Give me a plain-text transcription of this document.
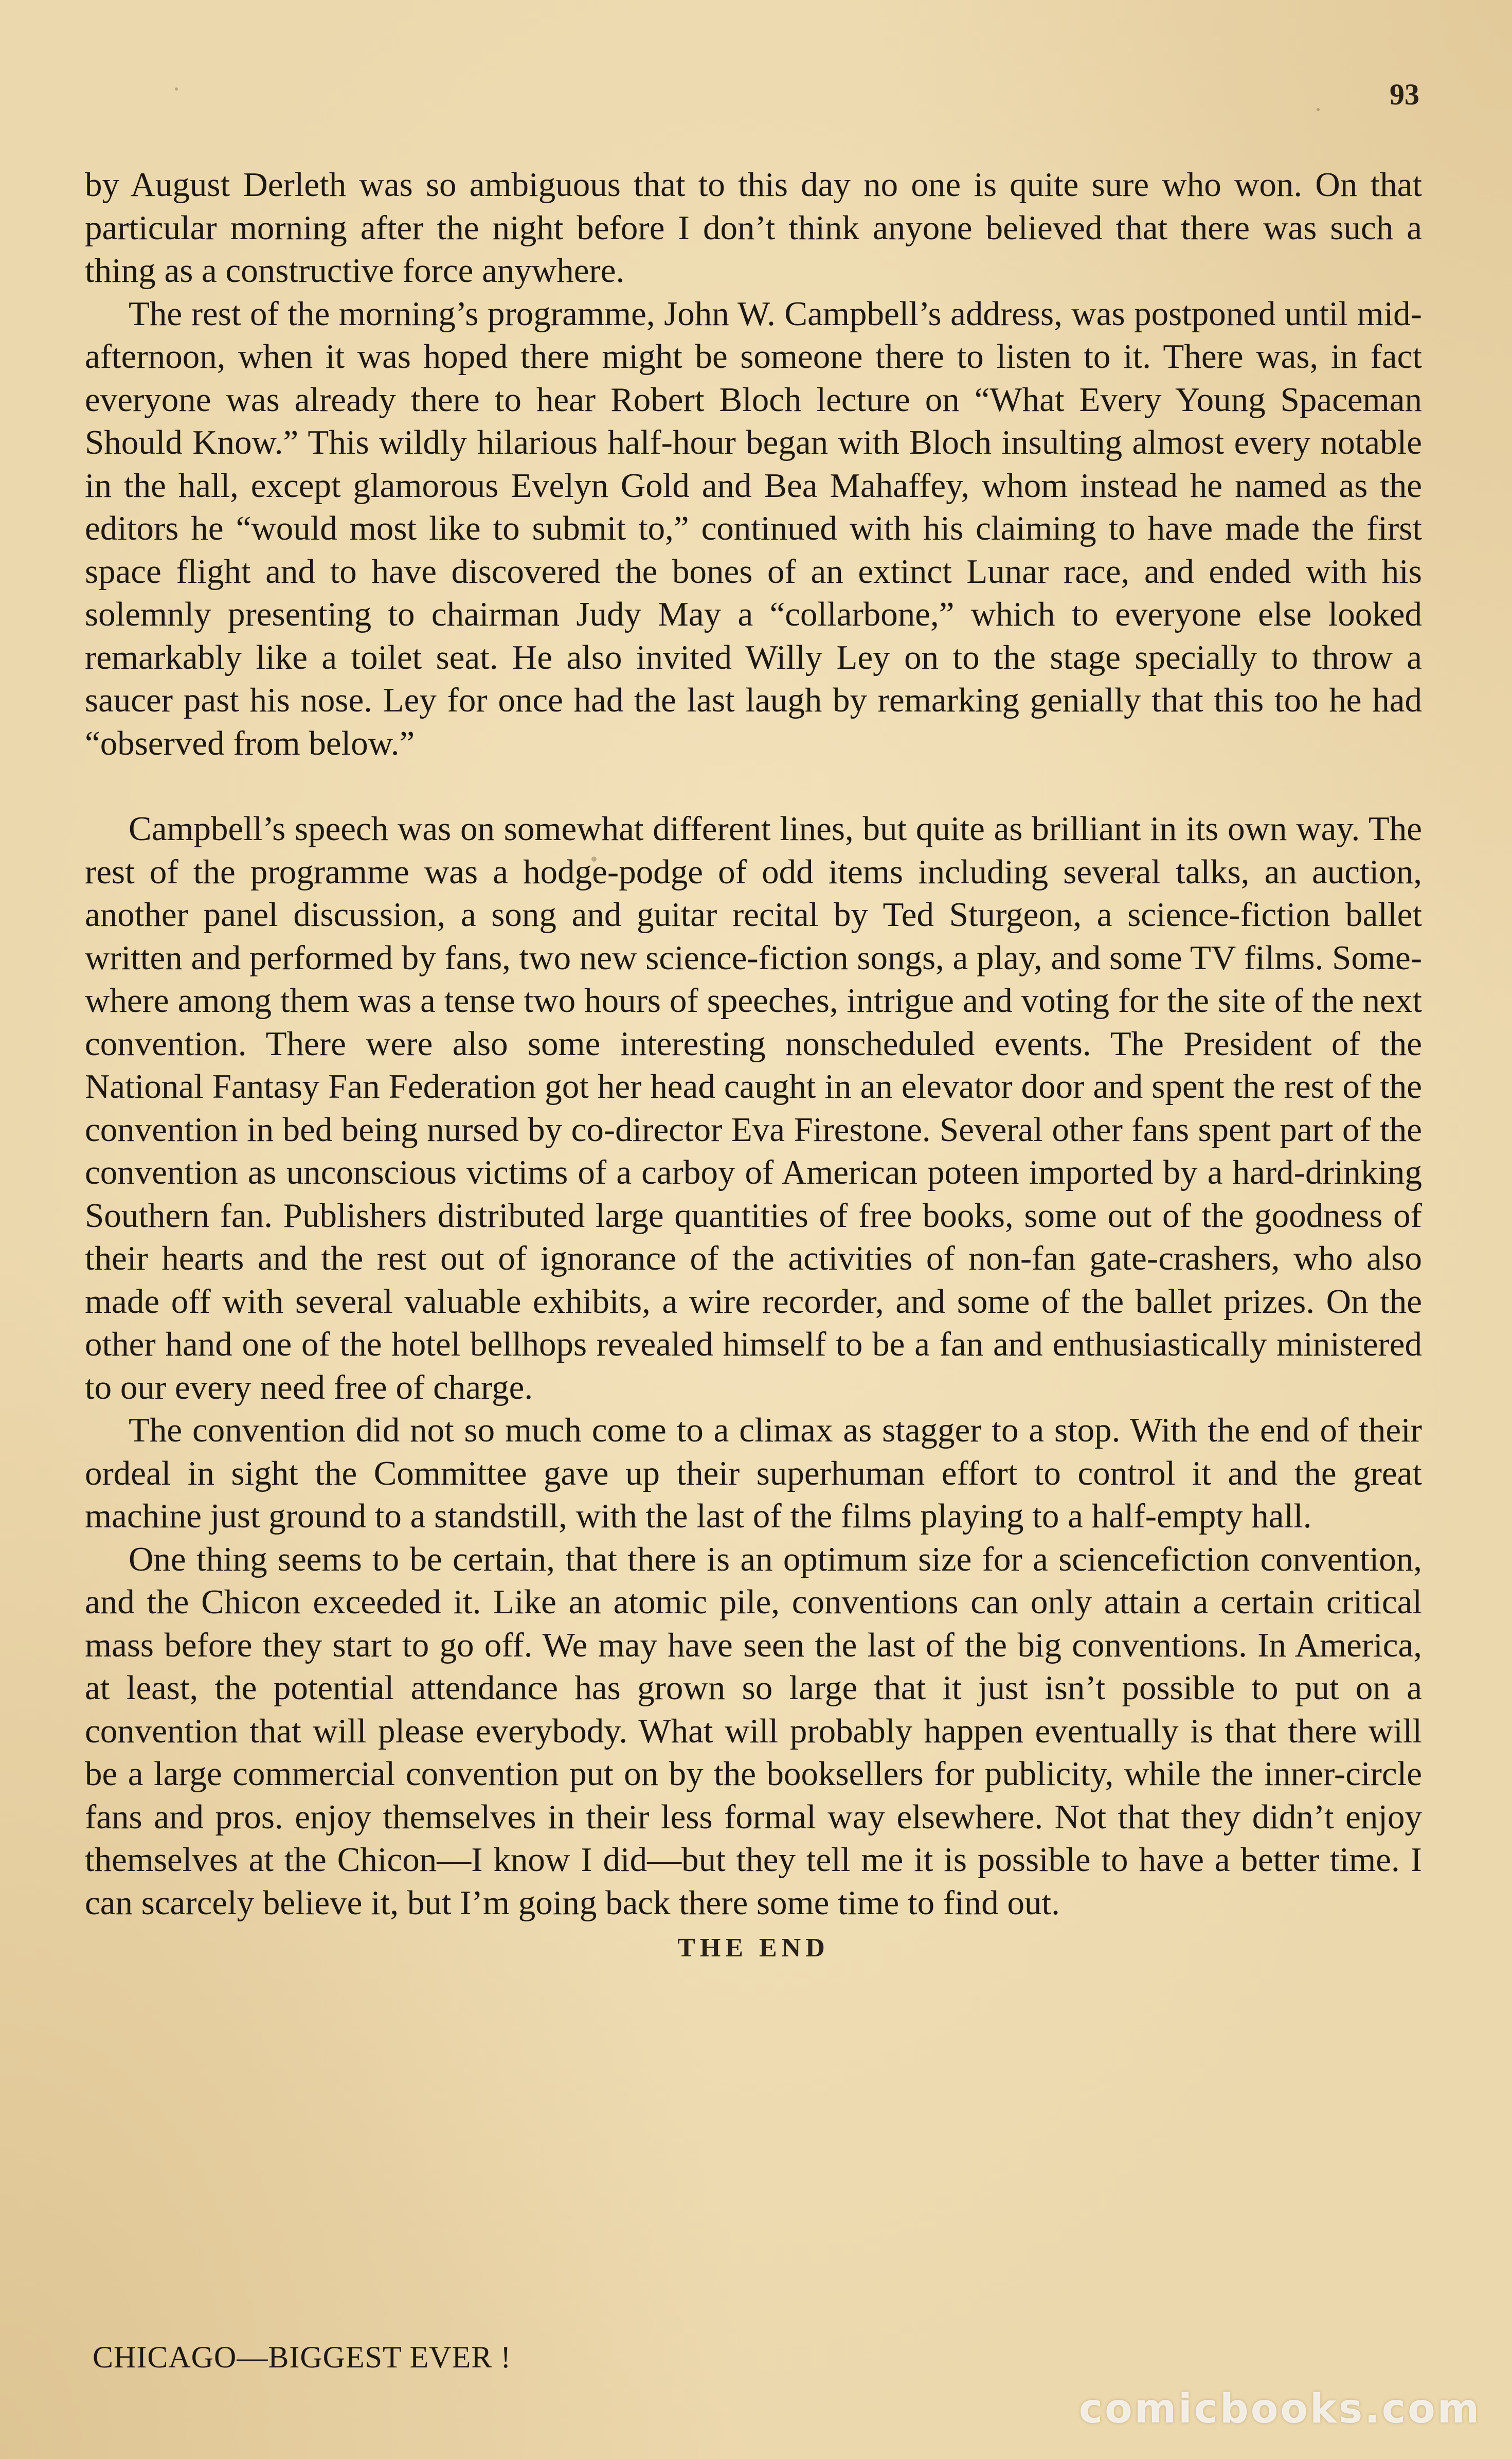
93

by August Derleth was so ambiguous that to this day no one is quite sure who won. On that particular morning after the night before I don’t think anyone believed that there was such a thing as a constructive force anywhere.

The rest of the morning’s programme, John W. Campbell’s address, was postponed until mid-afternoon, when it was hoped there might be someone there to listen to it. There was, in fact everyone was already there to hear Robert Bloch lecture on “What Every Young Spaceman Should Know.” This wildly hilarious half-hour began with Bloch insulting almost every notable in the hall, except glamorous Evelyn Gold and Bea Mahaffey, whom instead he named as the editors he “would most like to submit to,” continued with his claiming to have made the first space flight and to have discovered the bones of an extinct Lunar race, and ended with his solemnly presenting to chairman Judy May a “collarbone,” which to everyone else looked remarkably like a toilet seat. He also invited Willy Ley on to the stage specially to throw a saucer past his nose. Ley for once had the last laugh by remarking genially that this too he had “observed from below.”

Campbell’s speech was on somewhat different lines, but quite as brilliant in its own way. The rest of the programme was a hodge-podge of odd items including several talks, an auction, another panel discussion, a song and guitar recital by Ted Sturgeon, a science-fiction ballet written and performed by fans, two new science-fiction songs, a play, and some TV films. Somewhere among them was a tense two hours of speeches, intrigue and voting for the site of the next convention. There were also some interesting nonscheduled events. The President of the National Fantasy Fan Federation got her head caught in an elevator door and spent the rest of the convention in bed being nursed by co-director Eva Firestone. Several other fans spent part of the convention as unconscious victims of a carboy of American poteen imported by a hard-drinking Southern fan. Publishers distributed large quantities of free books, some out of the goodness of their hearts and the rest out of ignorance of the activities of non-fan gate-crashers, who also made off with several valuable exhibits, a wire recorder, and some of the ballet prizes. On the other hand one of the hotel bellhops revealed himself to be a fan and enthusiastically ministered to our every need free of charge.

The convention did not so much come to a climax as stagger to a stop. With the end of their ordeal in sight the Committee gave up their superhuman effort to control it and the great machine just ground to a standstill, with the last of the films playing to a half-empty hall.

One thing seems to be certain, that there is an optimum size for a sciencefiction convention, and the Chicon exceeded it. Like an atomic pile, conventions can only attain a certain critical mass before they start to go off. We may have seen the last of the big conventions. In America, at least, the potential attendance has grown so large that it just isn’t possible to put on a convention that will please everybody. What will probably happen eventually is that there will be a large commercial convention put on by the booksellers for publicity, while the inner-circle fans and pros. enjoy themselves in their less formal way elsewhere. Not that they didn’t enjoy themselves at the Chicon—I know I did—but they tell me it is possible to have a better time. I can scarcely believe it, but I’m going back there some time to find out.

THE END
CHICAGO—BIGGEST EVER !
comicbooks.com
